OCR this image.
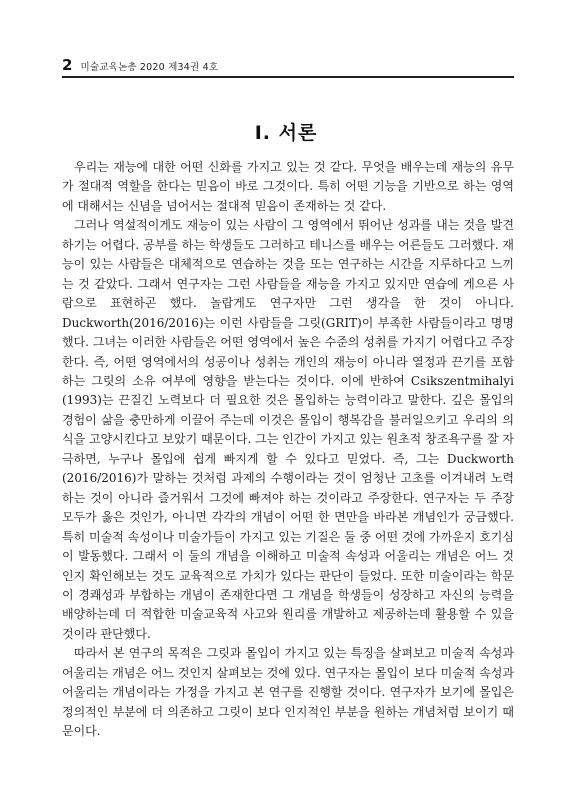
2 미술교육논총 2020 제34권 4호
Ⅰ. 서론

우리는 재능에 대한 어떤 신화를 가지고 있는 것 같다. 무엇을 배우는데 재능의 유무가 절대적 역할을 한다는 믿음이 바로 그것이다. 특히 어떤 기능을 기반으로 하는 영역에 대해서는 신념을 넘어서는 절대적 믿음이 존재하는 것 같다.

그러나 역설적이게도 재능이 있는 사람이 그 영역에서 뛰어난 성과를 내는 것을 발견하기는 어렵다. 공부를 하는 학생들도 그러하고 테니스를 배우는 어른들도 그러했다. 재능이 있는 사람들은 대체적으로 연습하는 것을 또는 연구하는 시간을 지루하다고 느끼는 것 같았다. 그래서 연구자는 그런 사람들을 재능을 가지고 있지만 연습에 게으른 사람으로 표현하곤 했다. 놀랍게도 연구자만 그런 생각을 한 것이 아니다. Duckworth(2016/2016)는 이런 사람들을 그릿(GRIT)이 부족한 사람들이라고 명명했다. 그녀는 이러한 사람들은 어떤 영역에서 높은 수준의 성취를 가지기 어렵다고 주장한다. 즉, 어떤 영역에서의 성공이나 성취는 개인의 재능이 아니라 열정과 끈기를 포함하는 그릿의 소유 여부에 영향을 받는다는 것이다. 이에 반하여 Csikszentmihalyi (1993)는 끈질긴 노력보다 더 필요한 것은 몰입하는 능력이라고 말한다. 깊은 몰입의 경험이 삶을 충만하게 이끌어 주는데 이것은 몰입이 행복감을 불러일으키고 우리의 의식을 고양시킨다고 보았기 때문이다. 그는 인간이 가지고 있는 원초적 창조욕구를 잘 자극하면, 누구나 몰입에 쉽게 빠지게 할 수 있다고 믿었다. 즉, 그는 Duckworth (2016/2016)가 말하는 것처럼 과제의 수행이라는 것이 엄청난 고초를 이겨내려 노력하는 것이 아니라 즐거워서 그것에 빠져야 하는 것이라고 주장한다. 연구자는 두 주장 모두가 옳은 것인가, 아니면 각각의 개념이 어떤 한 면만을 바라본 개념인가 궁금했다. 특히 미술적 속성이나 미술가들이 가지고 있는 기질은 둘 중 어떤 것에 가까운지 호기심이 발동했다. 그래서 이 둘의 개념을 이해하고 미술적 속성과 어울리는 개념은 어느 것인지 확인해보는 것도 교육적으로 가치가 있다는 판단이 들었다. 또한 미술이라는 학문이 경쾌성과 부합하는 개념이 존재한다면 그 개념을 학생들이 성장하고 자신의 능력을 배양하는데 더 적합한 미술교육적 사고와 원리를 개발하고 제공하는데 활용할 수 있을 것이라 판단했다.

따라서 본 연구의 목적은 그릿과 몰입이 가지고 있는 특징을 살펴보고 미술적 속성과 어울리는 개념은 어느 것인지 살펴보는 것에 있다. 연구자는 몰입이 보다 미술적 속성과 어울리는 개념이라는 가정을 가지고 본 연구를 진행할 것이다. 연구자가 보기에 몰입은 정의적인 부분에 더 의존하고 그릿이 보다 인지적인 부분을 원하는 개념처럼 보이기 때문이다.
